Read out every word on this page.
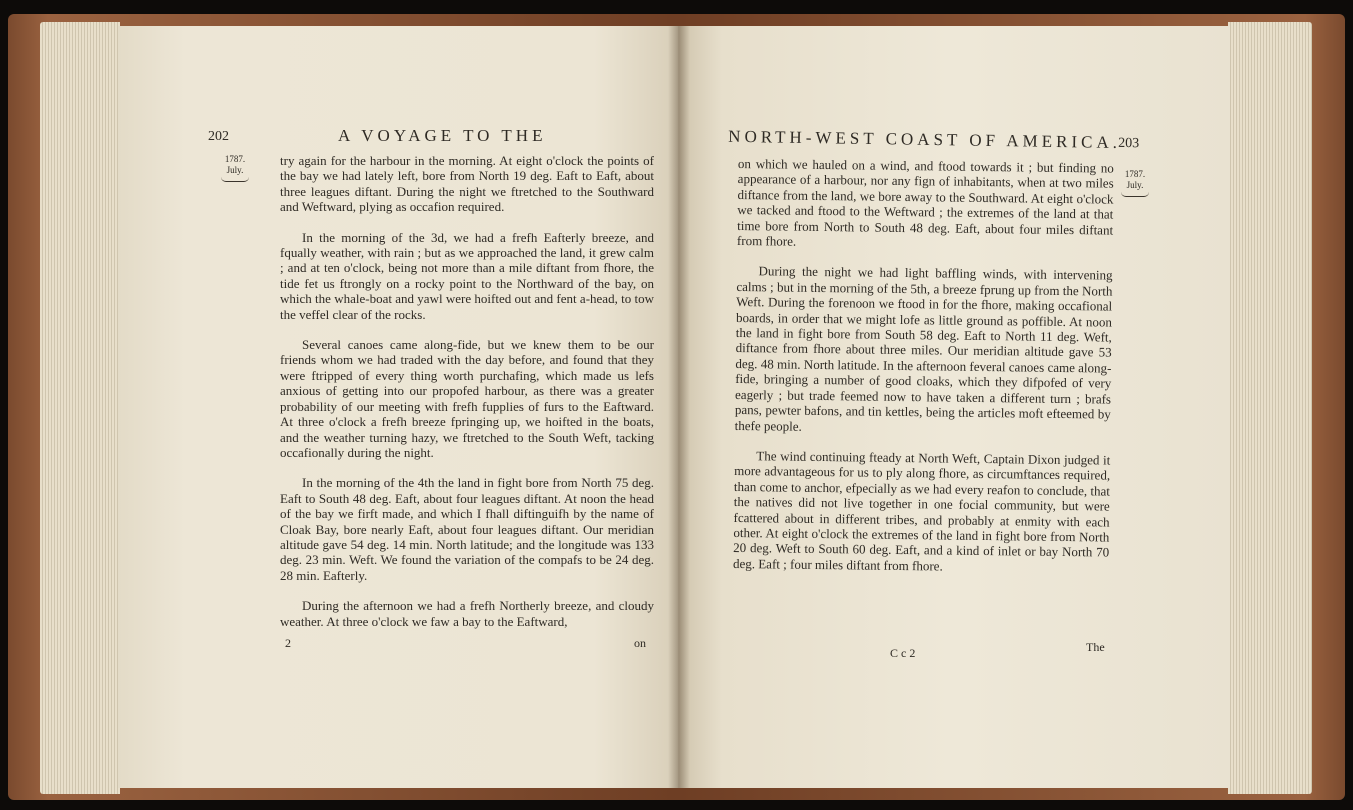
202	A VOYAGE TO THE
1787.
July.

try again for the harbour in the morning. At eight o'clock the points of the bay we had lately left, bore from North 19 deg. Eaft to Eaft, about three leagues diftant. During the night we ftretched to the Southward and Weftward, plying as occafion required.

In the morning of the 3d, we had a frefh Eafterly breeze, and fqually weather, with rain ; but as we approached the land, it grew calm ; and at ten o'clock, being not more than a mile diftant from fhore, the tide fet us ftrongly on a rocky point to the Northward of the bay, on which the whale-boat and yawl were hoifted out and fent a-head, to tow the veffel clear of the rocks.

Several canoes came along-fide, but we knew them to be our friends whom we had traded with the day before, and found that they were ftripped of every thing worth purchafing, which made us lefs anxious of getting into our propofed harbour, as there was a greater probability of our meeting with frefh fupplies of furs to the Eaftward. At three o'clock a frefh breeze fpringing up, we hoifted in the boats, and the weather turning hazy, we ftretched to the South Weft, tacking occafionally during the night.

In the morning of the 4th the land in fight bore from North 75 deg. Eaft to South 48 deg. Eaft, about four leagues diftant. At noon the head of the bay we firft made, and which I fhall diftinguifh by the name of Cloak Bay, bore nearly Eaft, about four leagues diftant. Our meridian altitude gave 54 deg. 14 min. North latitude; and the longitude was 133 deg. 23 min. Weft. We found the variation of the compafs to be 24 deg. 28 min. Eafterly.

During the afternoon we had a frefh Northerly breeze, and cloudy weather. At three o'clock we faw a bay to the Eaftward,

2	on
NORTH-WEST COAST OF AMERICA.
203
1787.
July.

on which we hauled on a wind, and ftood towards it ; but finding no appearance of a harbour, nor any fign of inhabitants, when at two miles diftance from the land, we bore away to the Southward. At eight o'clock we tacked and ftood to the Weftward ; the extremes of the land at that time bore from North to South 48 deg. Eaft, about four miles diftant from fhore.

During the night we had light baffling winds, with intervening calms ; but in the morning of the 5th, a breeze fprung up from the North Weft. During the forenoon we ftood in for the fhore, making occafional boards, in order that we might lofe as little ground as poffible. At noon the land in fight bore from South 58 deg. Eaft to North 11 deg. Weft, diftance from fhore about three miles. Our meridian altitude gave 53 deg. 48 min. North latitude. In the afternoon feveral canoes came along-fide, bringing a number of good cloaks, which they difpofed of very eagerly ; but trade feemed now to have taken a different turn ; brafs pans, pewter bafons, and tin kettles, being the articles moft efteemed by thefe people.

The wind continuing fteady at North Weft, Captain Dixon judged it more advantageous for us to ply along fhore, as circumftances required, than come to anchor, efpecially as we had every reafon to conclude, that the natives did not live together in one focial community, but were fcattered about in different tribes, and probably at enmity with each other. At eight o'clock the extremes of the land in fight bore from North 20 deg. Weft to South 60 deg. Eaft, and a kind of inlet or bay North 70 deg. Eaft ; four miles diftant from fhore.

C c 2	The
